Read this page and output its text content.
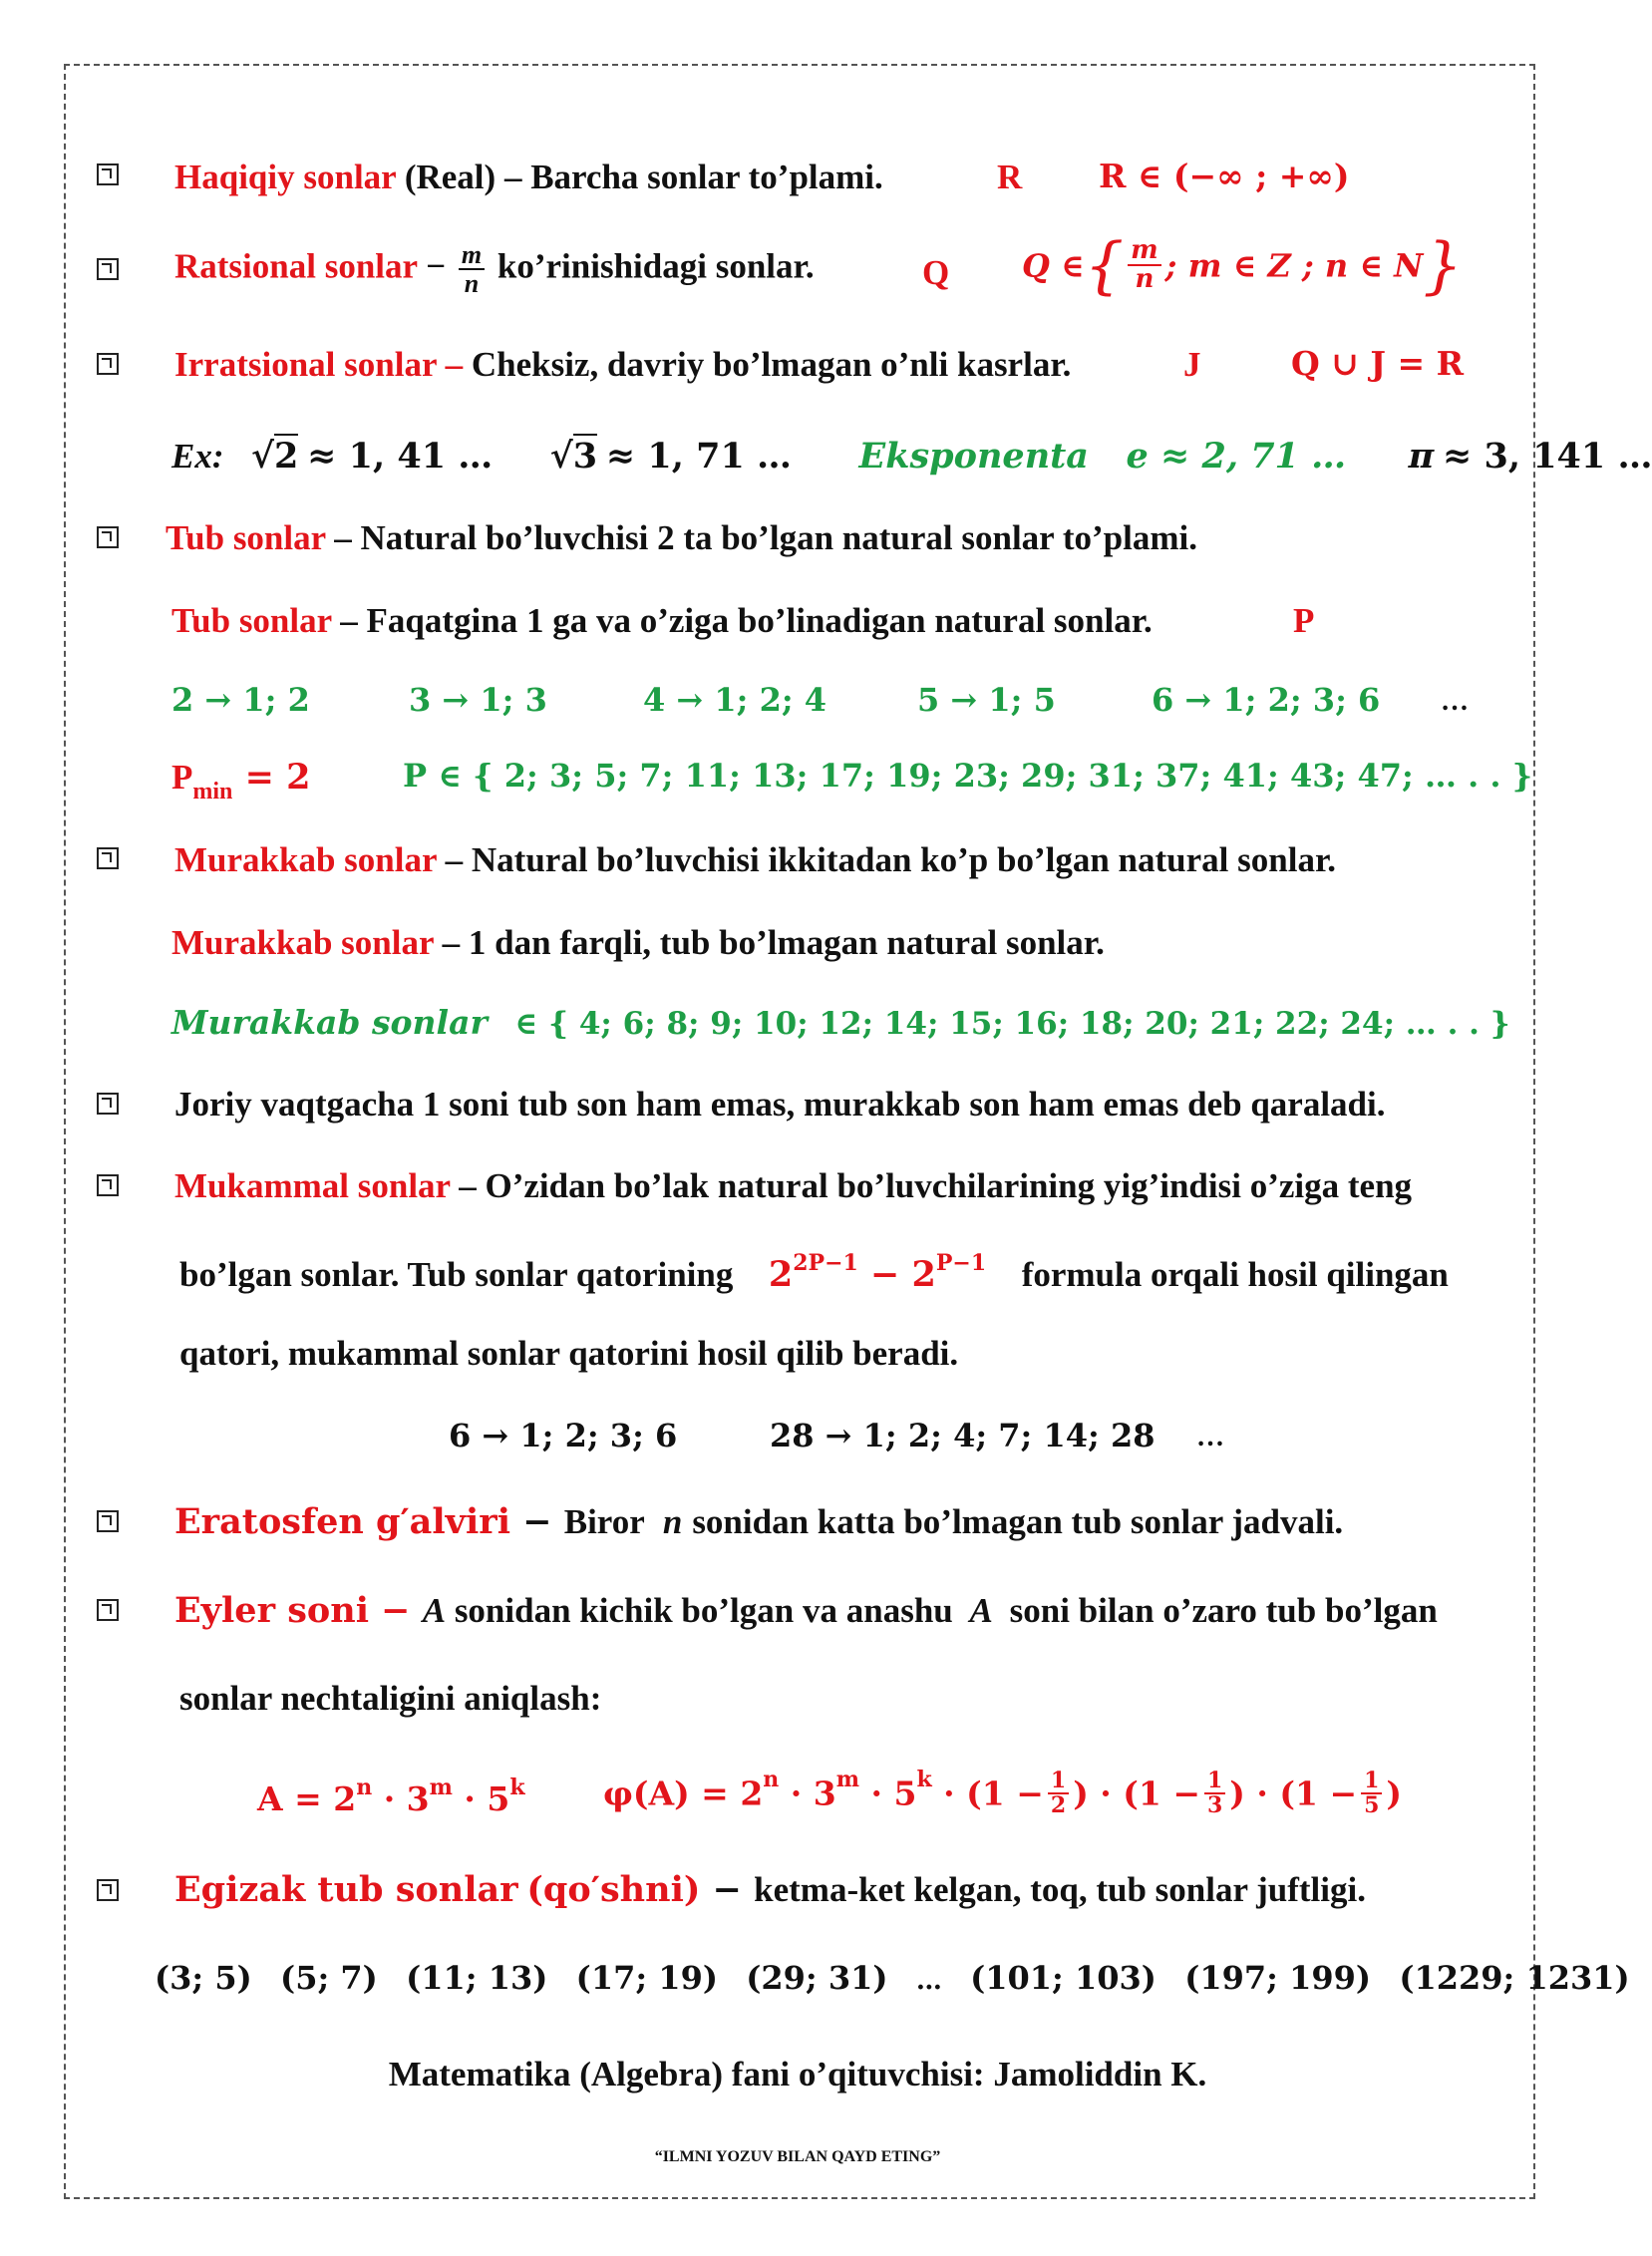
Haqiqiy sonlar (Real) – Barcha sonlar to’plami.	R R ∈ (−∞ ; +∞)
Ratsional sonlar − $\frac{m}{n}$ ko’rinishidagi sonlar.	Q Q ∈{ $\frac{m}{n}$ ; m ∈ Z ; n ∈ N}
Irratsional sonlar – Cheksiz, davriy bo’lmagan o’nli kasrlar.	J	Q ∪ J = R
Ex: √2 ≈ 1, 41 … √3 ≈ 1, 71 … Eksponenta e ≈ 2, 71 … π ≈ 3, 141 …
Tub sonlar – Natural bo’luvchisi 2 ta bo’lgan natural sonlar to’plami.
Tub sonlar – Faqatgina 1 ga va o’ziga bo’linadigan natural sonlar.	P
2 → 1; 2	3 → 1; 3	4 → 1; 2; 4	5 → 1; 5	6 → 1; 2; 3; 6 …
$P_{min} = 2$	P ∈ { 2; 3; 5; 7; 11; 13; 17; 19; 23; 29; 31; 37; 41; 43; 47; … . . }
Murakkab sonlar – Natural bo’luvchisi ikkitadan ko’p bo’lgan natural sonlar.
Murakkab sonlar – 1 dan farqli, tub bo’lmagan natural sonlar.
Murakkab sonlar ∈ { 4; 6; 8; 9; 10; 12; 14; 15; 16; 18; 20; 21; 22; 24; … . . }
Joriy vaqtgacha 1 soni tub son ham emas, murakkab son ham emas deb qaraladi.
Mukammal sonlar – O’zidan bo’lak natural bo’luvchilarining yig’indisi o’ziga teng
bo’lgan sonlar. Tub sonlar qatorining $2^{2P-1} - 2^{P-1}$ formula orqali hosil qilingan
qatori, mukammal sonlar qatorini hosil qilib beradi.
6 → 1; 2; 3; 6	28 → 1; 2; 4; 7; 14; 28 …
Eratosfen g′alviri − Biror n sonidan katta bo’lmagan tub sonlar jadvali.
Eyler soni − A sonidan kichik bo’lgan va anashu A soni bilan o’zaro tub bo’lgan
sonlar nechtaligini aniqlash:
$A = 2^n \cdot 3^m \cdot 5^k$ $\varphi(A) = 2^n \cdot 3^m \cdot 5^k \cdot (1 - \frac{1}{2}$ ) · ($1 - \frac{1}{3}$ ) · ($1 - \frac{1}{5}$ )
Egizak tub sonlar (qo′shni) − ketma-ket kelgan, toq, tub sonlar juftligi.
(3; 5) (5; 7) (11; 13) (17; 19) (29; 31) … (101; 103) (197; 199) (1229; 1231)
Matematika (Algebra) fani o’qituvchisi: Jamoliddin K.
“ILMNI YOZUV BILAN QAYD ETING”
